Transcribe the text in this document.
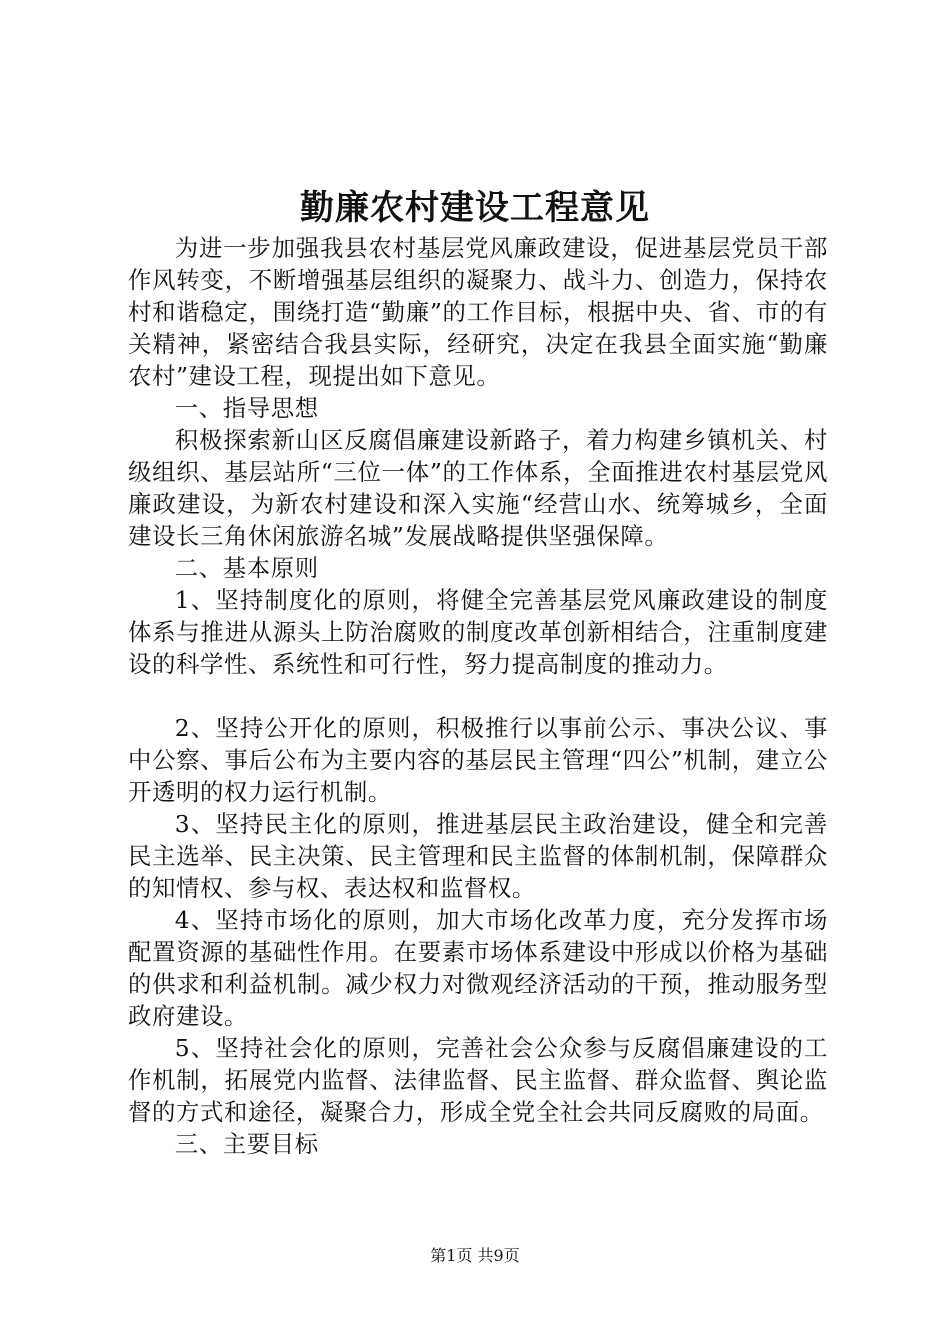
勤廉农村建设工程意见

为进一步加强我县农村基层党风廉政建设，促进基层党员干部作风转变，不断增强基层组织的凝聚力、战斗力、创造力，保持农村和谐稳定，围绕打造“勤廉”的工作目标，根据中央、省、市的有关精神，紧密结合我县实际，经研究，决定在我县全面实施“勤廉农村”建设工程，现提出如下意见。

一、指导思想

积极探索新山区反腐倡廉建设新路子，着力构建乡镇机关、村级组织、基层站所“三位一体”的工作体系，全面推进农村基层党风廉政建设，为新农村建设和深入实施“经营山水、统筹城乡，全面建设长三角休闲旅游名城”发展战略提供坚强保障。

二、基本原则

1、坚持制度化的原则，将健全完善基层党风廉政建设的制度体系与推进从源头上防治腐败的制度改革创新相结合，注重制度建设的科学性、系统性和可行性，努力提高制度的推动力。

2、坚持公开化的原则，积极推行以事前公示、事决公议、事中公察、事后公布为主要内容的基层民主管理“四公”机制，建立公开透明的权力运行机制。

3、坚持民主化的原则，推进基层民主政治建设，健全和完善民主选举、民主决策、民主管理和民主监督的体制机制，保障群众的知情权、参与权、表达权和监督权。

4、坚持市场化的原则，加大市场化改革力度，充分发挥市场配置资源的基础性作用。在要素市场体系建设中形成以价格为基础的供求和利益机制。减少权力对微观经济活动的干预，推动服务型政府建设。

5、坚持社会化的原则，完善社会公众参与反腐倡廉建设的工作机制，拓展党内监督、法律监督、民主监督、群众监督、舆论监督的方式和途径，凝聚合力，形成全党全社会共同反腐败的局面。

三、主要目标

第1页 共9页
